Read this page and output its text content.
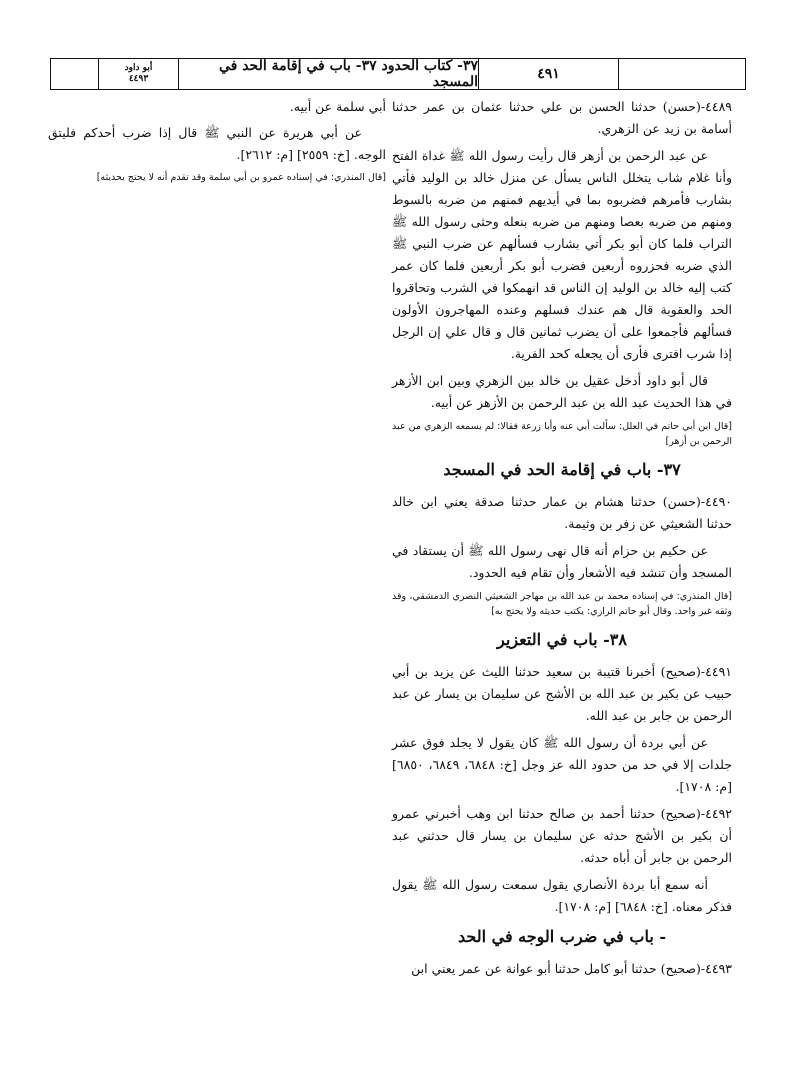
أبو داود
٤٤٩٣
٣٧- كتاب الحدود ٣٧- باب في إقامة الحد في المسجد	٤٩١

أبي سلمة عن أبيه.

عن أبي هريرة عن النبي ﷺ قال إذا ضرب أحدكم فليتق الوجه. [خ: ٢٥٥٩] [م: ٢٦١٢].

[قال المنذري: في إسناده عمرو بن أبي سلمة وقد تقدم أنه لا يحتج بحديثه]

٤٤٨٩-(حسن) حدثنا الحسن بن علي حدثنا عثمان بن عمر حدثنا أسامة بن زيد عن الزهري.

عن عبد الرحمن بن أزهر قال رأيت رسول الله ﷺ غداة الفتح وأنا غلام شاب يتخلل الناس يسأل عن منزل خالد بن الوليد فأتي بشارب فأمرهم فضربوه بما في أيديهم فمنهم من ضربه بالسوط ومنهم من ضربه بعصا ومنهم من ضربه بنعله وحثى رسول الله ﷺ التراب فلما كان أبو بكر أتي بشارب فسألهم عن ضرب النبي ﷺ الذي ضربه فحزروه أربعين فضرب أبو بكر أربعين فلما كان عمر كتب إليه خالد بن الوليد إن الناس قد انهمكوا في الشرب وتحاقروا الحد والعقوبة قال هم عندك فسلهم وعنده المهاجرون الأولون فسألهم فأجمعوا على أن يضرب ثمانين قال و قال علي إن الرجل إذا شرب افترى فأرى أن يجعله كحد الفرية.

قال أبو داود أدخل عقيل بن خالد بين الزهري وبين ابن الأزهر في هذا الحديث عبد الله بن عبد الرحمن بن الأزهر عن أبيه.

[قال ابن أبي حاتم في العلل: سألت أبي عنه وأبا زرعة فقالا: لم يسمعه الزهري من عبد الرحمن بن أزهر]

٣٧- باب في إقامة الحد في المسجد

٤٤٩٠-(حسن) حدثنا هشام بن عمار حدثنا صدقة يعني ابن خالد حدثنا الشعيثي عن زفر بن وثيمة.

عن حكيم بن حزام أنه قال نهى رسول الله ﷺ أن يستقاد في المسجد وأن تنشد فيه الأشعار وأن تقام فيه الحدود.

[قال المنذري: في إسناده محمد بن عبد الله بن مهاجر الشعيثي النصري الدمشقي، وقد وثقه غير واحد. وقال أبو حاتم الرازي: يكتب حديثه ولا يحتج به]

٣٨- باب في التعزير

٤٤٩١-(صحيح) أخبرنا قتيبة بن سعيد حدثنا الليث عن يزيد بن أبي حبيب عن بكير بن عبد الله بن الأشج عن سليمان بن يسار عن عبد الرحمن بن جابر بن عبد الله.

عن أبي بردة أن رسول الله ﷺ كان يقول لا يجلد فوق عشر جلدات إلا في حد من حدود الله عز وجل [خ: ٦٨٤٨، ٦٨٤٩، ٦٨٥٠] [م: ١٧٠٨].

٤٤٩٢-(صحيح) حدثنا أحمد بن صالح حدثنا ابن وهب أخبرني عمرو أن بكير بن الأشج حدثه عن سليمان بن يسار قال حدثني عبد الرحمن بن جابر أن أباه حدثه.

أنه سمع أبا بردة الأنصاري يقول سمعت رسول الله ﷺ يقول فذكر معناه. [خ: ٦٨٤٨] [م: ١٧٠٨].

- باب في ضرب الوجه في الحد

٤٤٩٣-(صحيح) حدثنا أبو كامل حدثنا أبو عوانة عن عمر يعني ابن
